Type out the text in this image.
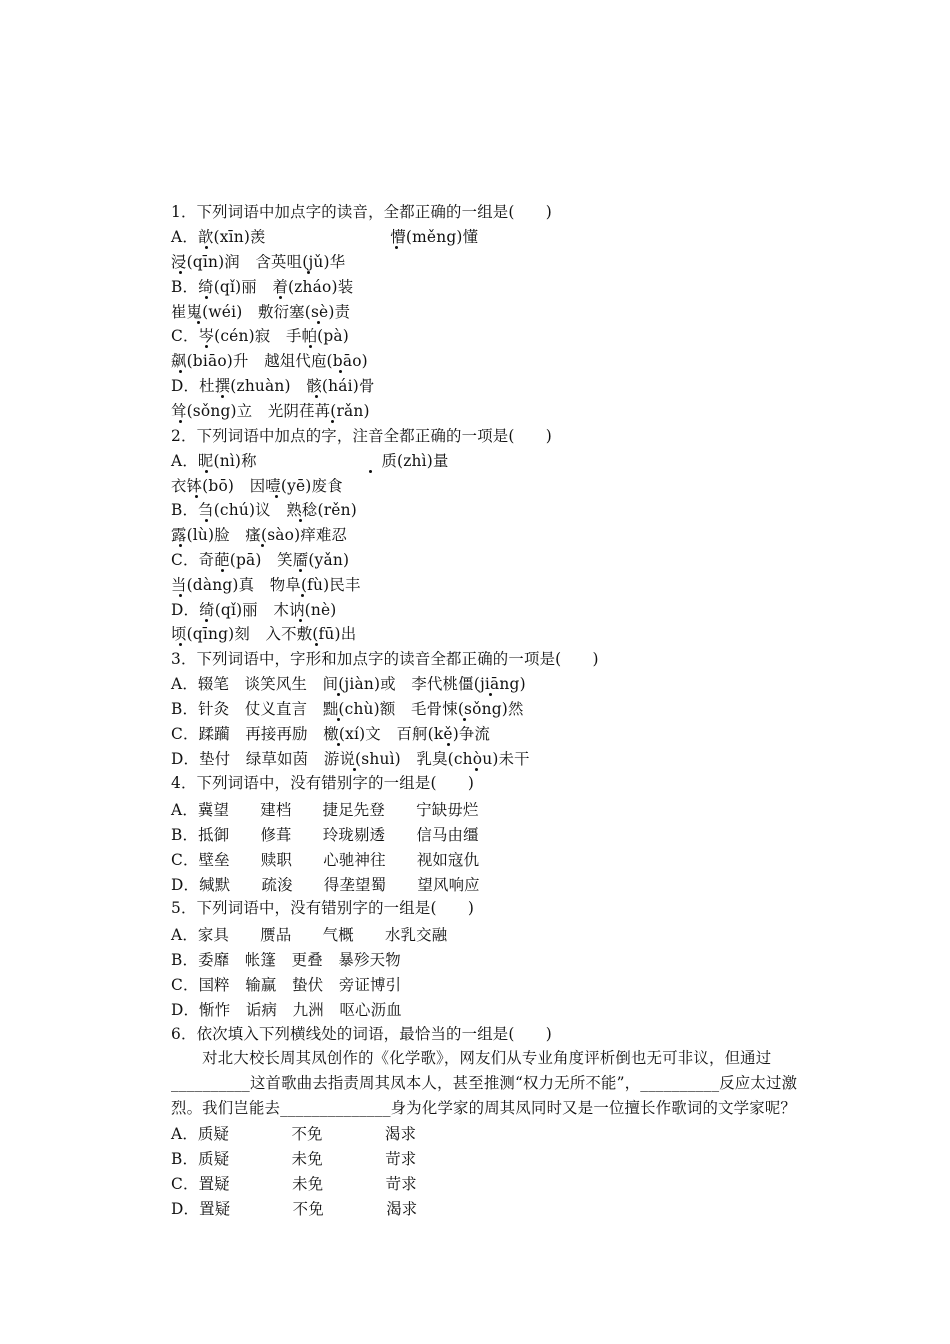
1．下列词语中加点字的读音，全都正确的一组是(　　)
A．歆(xīn)羡　　　　　　　　懵(měng)懂
浸(qīn)润　含英咀(jǔ)华
B．绮(qǐ)丽　着(zháo)装
崔嵬(wéi)　敷衍塞(sè)责
C．岑(cén)寂　手帕(pà)
飙(biāo)升　越俎代庖(bāo)
D．杜撰(zhuàn)　骸(hái)骨
耸(sǒng)立　光阴荏苒(rǎn)
2．下列词语中加点的字，注音全都正确的一项是(　　)
A．昵(nì)称　　　　　　　　质(zhì)量
衣钵(bō)　因噎(yē)废食
B．刍(chú)议　熟稔(rěn)
露(lù)脸　瘙(sào)痒难忍
C．奇葩(pā)　笑靥(yǎn)
当(dàng)真　物阜(fù)民丰
D．绮(qǐ)丽　木讷(nè)
顷(qīng)刻　入不敷(fū)出
3．下列词语中，字形和加点字的读音全都正确的一项是(　　)
A．辍笔　谈笑风生　间(jiàn)或　李代桃僵(jiāng)
B．针灸　仗义直言　黜(chù)额　毛骨悚(sǒng)然
C．蹂躏　再接再励　檄(xí)文　百舸(kě)争流
D．垫付　绿草如茵　游说(shuì)　乳臭(chòu)未干
4．下列词语中，没有错别字的一组是(　　)
A．冀望　　建档　　捷足先登　　宁缺毋烂
B．抵御　　修葺　　玲珑剔透　　信马由缰
C．壁垒　　赎职　　心驰神往　　视如寇仇
D．缄默　　疏浚　　得垄望蜀　　望风响应
5．下列词语中，没有错别字的一组是(　　)
A．家具　　赝品　　气概　　水乳交融
B．委靡　帐篷　更叠　暴殄天物
C．国粹　输赢　蛰伏　旁证博引
D．惭怍　诟病　九洲　呕心沥血
6．依次填入下列横线处的词语，最恰当的一组是(　　)
　　对北大校长周其凤创作的《化学歌》，网友们从专业角度评析倒也无可非议，但通过__________这首歌曲去指责周其凤本人，甚至推测“权力无所不能”，__________反应太过激烈。我们岂能去______________身为化学家的周其凤同时又是一位擅长作歌词的文学家呢？
A．质疑　　　　不免　　　　渴求
B．质疑　　　　未免　　　　苛求
C．置疑　　　　未免　　　　苛求
D．置疑　　　　不免　　　　渴求
